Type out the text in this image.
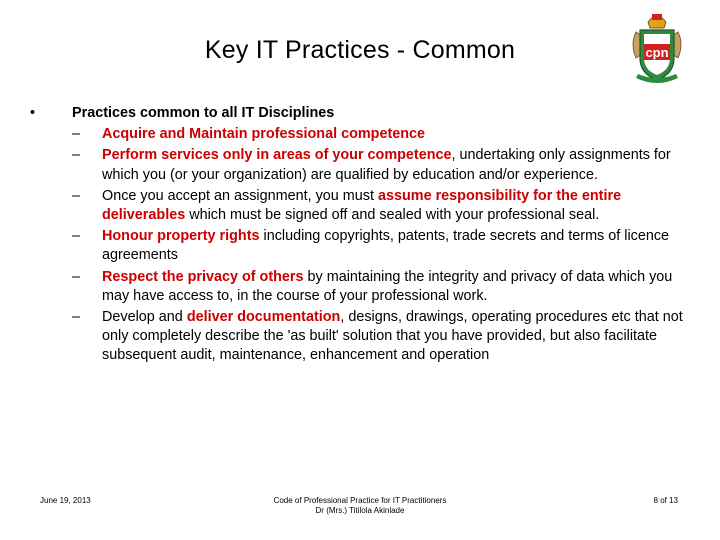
Key IT Practices - Common	cpn
•	Practices common to all IT Disciplines
– Acquire and Maintain professional competence
– Perform services only in areas of your competence, undertaking only assignments for which you (or your organization) are qualified by education and/or experience.
– Once you accept an assignment, you must assume responsibility for the entire deliverables which must be signed off and sealed with your professional seal.
– Honour property rights including copyrights, patents, trade secrets and terms of licence agreements
– Respect the privacy of others by maintaining the integrity and privacy of data which you may have access to, in the course of your professional work.
– Develop and deliver documentation, designs, drawings, operating procedures etc that not only completely describe the 'as built' solution that you have provided, but also facilitate subsequent audit, maintenance, enhancement and operation
June 19, 2013	Code of Professional Practice for IT Practitioners
Dr (Mrs.) Titilola Akinlade
8 of 13
